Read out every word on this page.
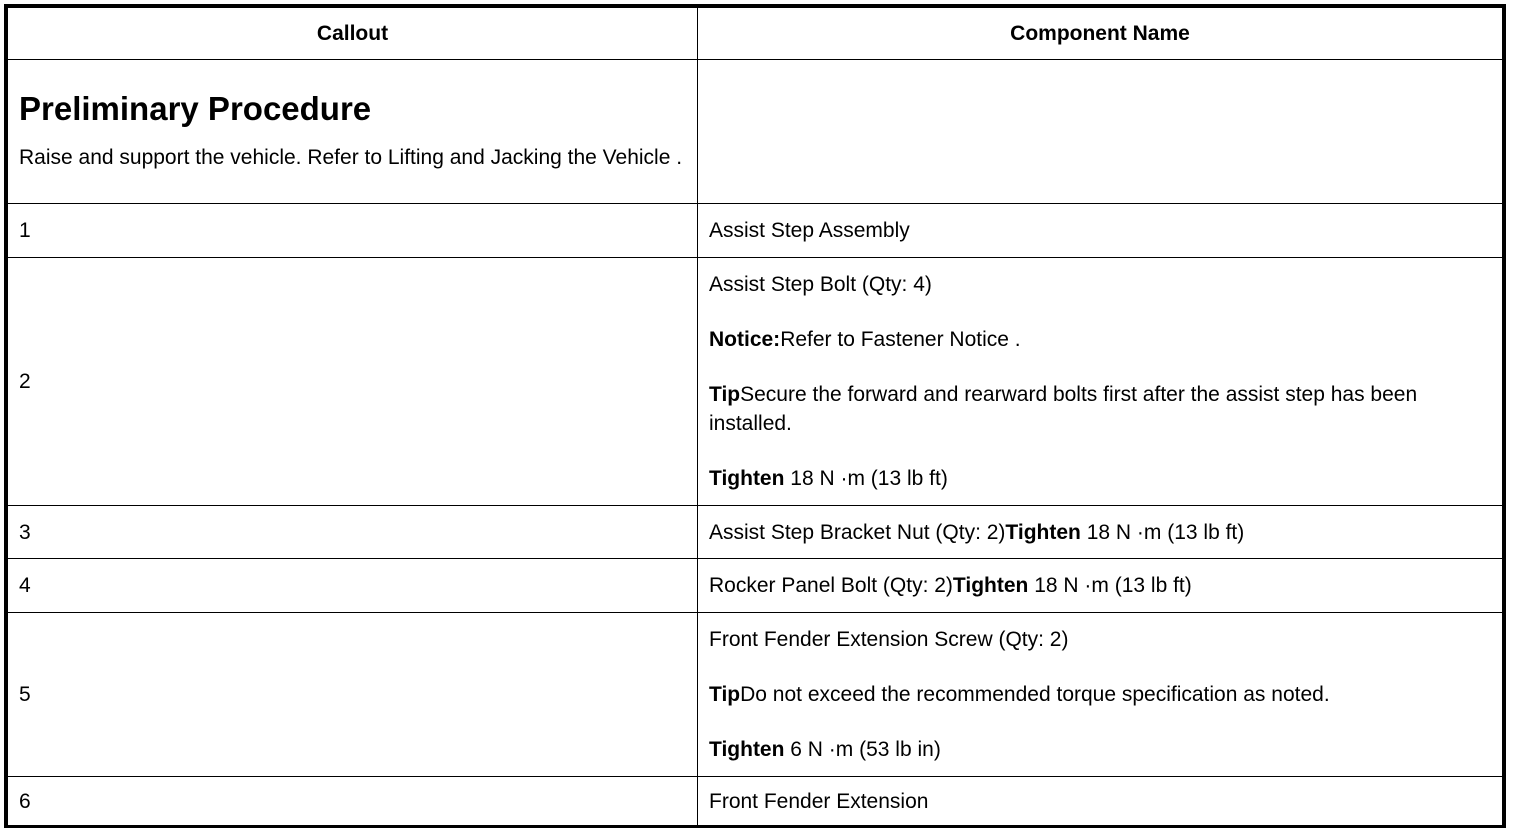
Callout	Component Name

Preliminary Procedure
Raise and support the vehicle. Refer to Lifting and Jacking the Vehicle .	

1	Assist Step Assembly
2	Assist Step Bolt (Qty: 4)

Notice:Refer to Fastener Notice .

TipSecure the forward and rearward bolts first after the assist step has been installed.

Tighten 18 N ·m (13 lb ft)

3	Assist Step Bracket Nut (Qty: 2)Tighten 18 N ·m (13 lb ft)
4	Rocker Panel Bolt (Qty: 2)Tighten 18 N ·m (13 lb ft)
5	Front Fender Extension Screw (Qty: 2)

TipDo not exceed the recommended torque specification as noted.

Tighten 6 N ·m (53 lb in)

6	Front Fender Extension
